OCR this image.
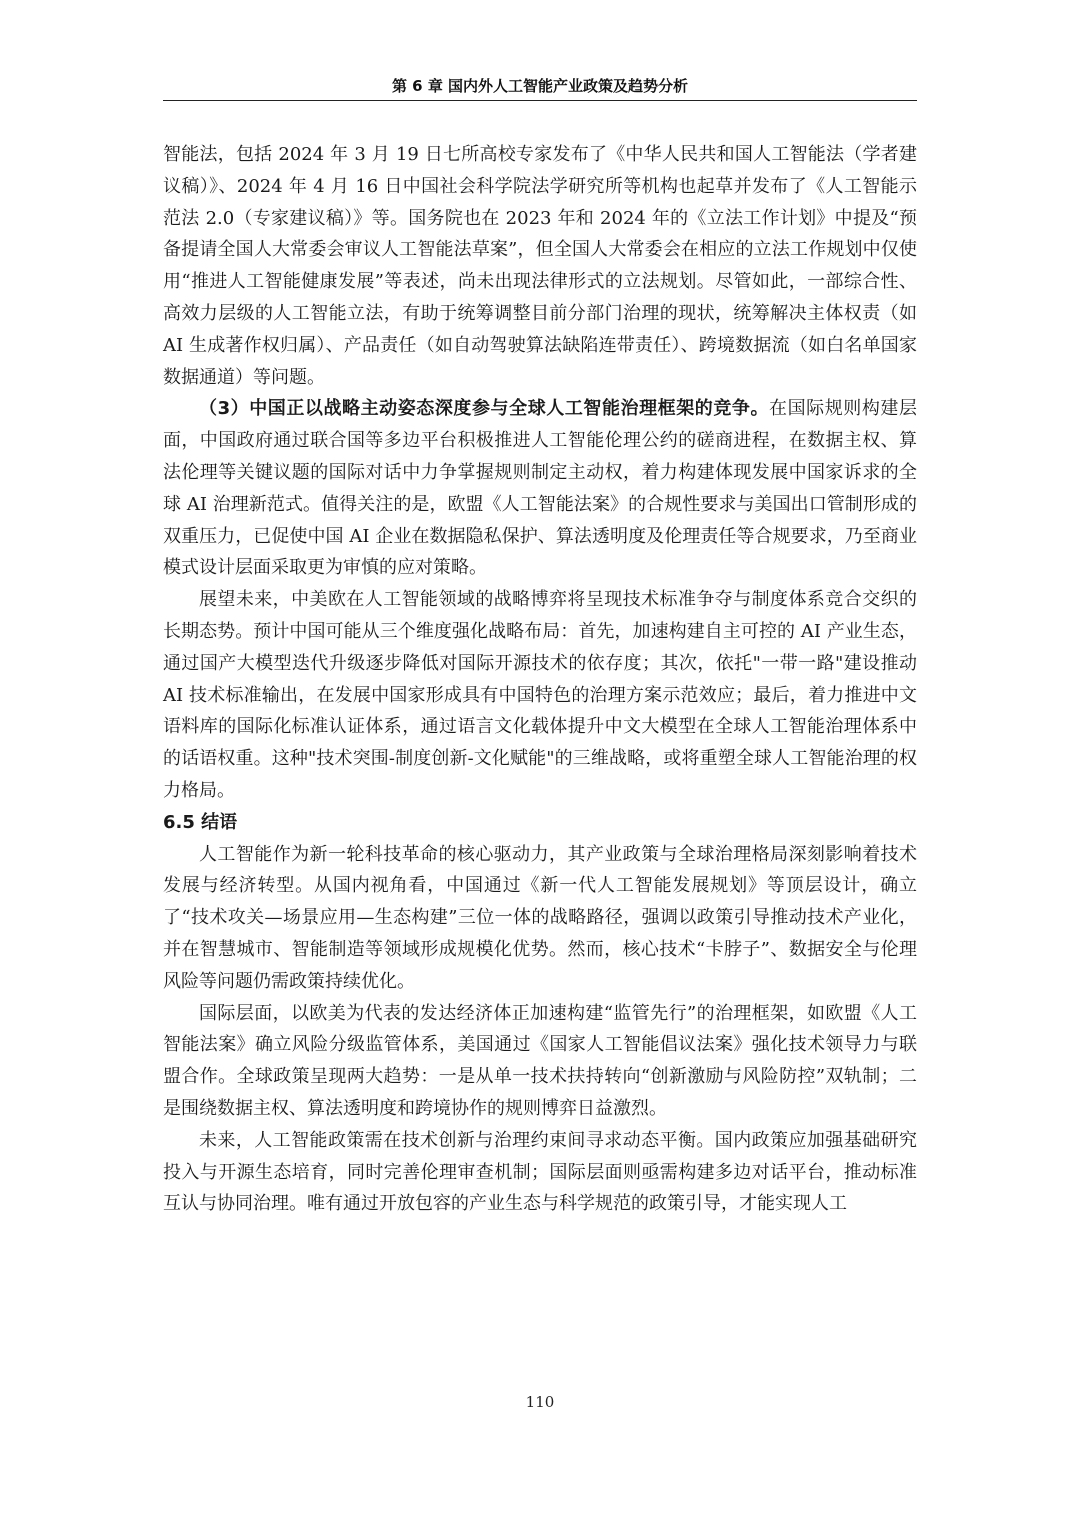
第 6 章 国内外人工智能产业政策及趋势分析

智能法，包括 2024 年 3 月 19 日七所高校专家发布了《中华人民共和国人工智能法（学者建议稿）》、2024 年 4 月 16 日中国社会科学院法学研究所等机构也起草并发布了《人工智能示范法 2.0（专家建议稿）》等。国务院也在 2023 年和 2024 年的《立法工作计划》中提及“预备提请全国人大常委会审议人工智能法草案”，但全国人大常委会在相应的立法工作规划中仅使用“推进人工智能健康发展”等表述，尚未出现法律形式的立法规划。尽管如此，一部综合性、高效力层级的人工智能立法，有助于统筹调整目前分部门治理的现状，统筹解决主体权责（如 AI 生成著作权归属）、产品责任（如自动驾驶算法缺陷连带责任）、跨境数据流（如白名单国家数据通道）等问题。

（3）中国正以战略主动姿态深度参与全球人工智能治理框架的竞争。在国际规则构建层面，中国政府通过联合国等多边平台积极推进人工智能伦理公约的磋商进程，在数据主权、算法伦理等关键议题的国际对话中力争掌握规则制定主动权，着力构建体现发展中国家诉求的全球 AI 治理新范式。值得关注的是，欧盟《人工智能法案》的合规性要求与美国出口管制形成的双重压力，已促使中国 AI 企业在数据隐私保护、算法透明度及伦理责任等合规要求，乃至商业模式设计层面采取更为审慎的应对策略。

展望未来，中美欧在人工智能领域的战略博弈将呈现技术标准争夺与制度体系竞合交织的长期态势。预计中国可能从三个维度强化战略布局：首先，加速构建自主可控的 AI 产业生态，通过国产大模型迭代升级逐步降低对国际开源技术的依存度；其次，依托"一带一路"建设推动 AI 技术标准输出，在发展中国家形成具有中国特色的治理方案示范效应；最后，着力推进中文语料库的国际化标准认证体系，通过语言文化载体提升中文大模型在全球人工智能治理体系中的话语权重。这种"技术突围-制度创新-文化赋能"的三维战略，或将重塑全球人工智能治理的权力格局。

6.5 结语

人工智能作为新一轮科技革命的核心驱动力，其产业政策与全球治理格局深刻影响着技术发展与经济转型。从国内视角看，中国通过《新一代人工智能发展规划》等顶层设计，确立了“技术攻关—场景应用—生态构建”三位一体的战略路径，强调以政策引导推动技术产业化，并在智慧城市、智能制造等领域形成规模化优势。然而，核心技术“卡脖子”、数据安全与伦理风险等问题仍需政策持续优化。

国际层面，以欧美为代表的发达经济体正加速构建“监管先行”的治理框架，如欧盟《人工智能法案》确立风险分级监管体系，美国通过《国家人工智能倡议法案》强化技术领导力与联盟合作。全球政策呈现两大趋势：一是从单一技术扶持转向“创新激励与风险防控”双轨制；二是围绕数据主权、算法透明度和跨境协作的规则博弈日益激烈。

未来，人工智能政策需在技术创新与治理约束间寻求动态平衡。国内政策应加强基础研究投入与开源生态培育，同时完善伦理审查机制；国际层面则亟需构建多边对话平台，推动标准互认与协同治理。唯有通过开放包容的产业生态与科学规范的政策引导，才能实现人工

110
